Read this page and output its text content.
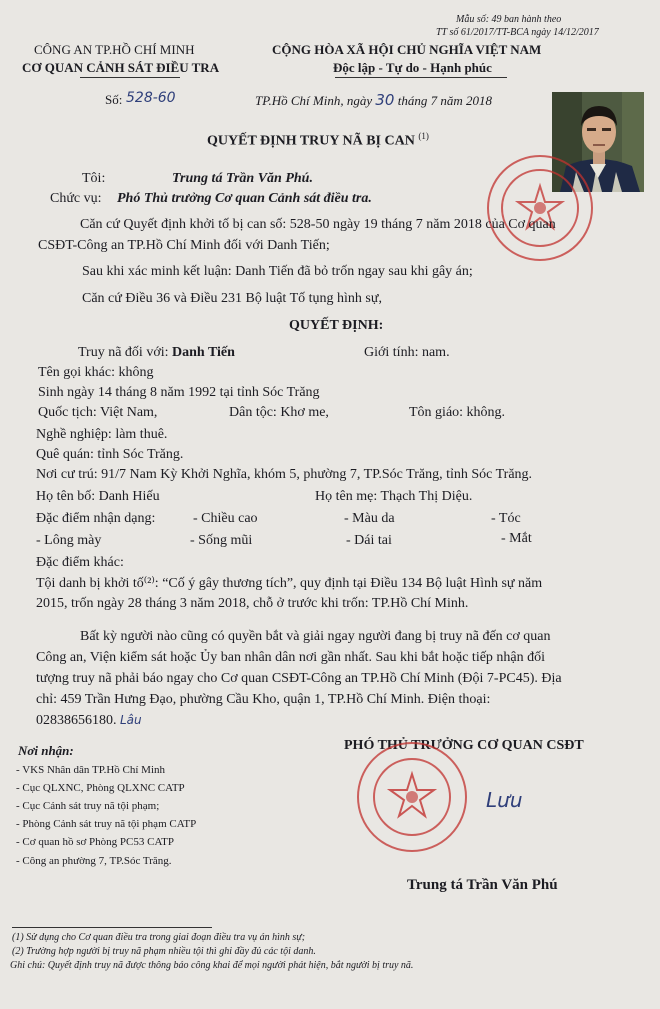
Mẫu số: 49 ban hành theo
TT số 61/2017/TT-BCA ngày 14/12/2017
CÔNG AN TP.HỒ CHÍ MINH
CƠ QUAN CẢNH SÁT ĐIỀU TRA
CỘNG HÒA XÃ HỘI CHỦ NGHĨA VIỆT NAM
Độc lập - Tự do - Hạnh phúc
Số: 528-60	TP.Hồ Chí Minh, ngày 30 tháng 7 năm 2018
QUYẾT ĐỊNH TRUY NÃ BỊ CAN $^{(1)}$
Tôi:	Trung tá Trần Văn Phú.
Chức vụ: Phó Thủ trưởng Cơ quan Cảnh sát điều tra.
Căn cứ Quyết định khởi tố bị can số: 528-50 ngày 19 tháng 7 năm 2018 của Cơ quan
CSĐT-Công an TP.Hồ Chí Minh đối với Danh Tiến;
Sau khi xác minh kết luận: Danh Tiến đã bỏ trốn ngay sau khi gây án;
Căn cứ Điều 36 và Điều 231 Bộ luật Tố tụng hình sự,
QUYẾT ĐỊNH:
Truy nã đối với: Danh Tiến	Giới tính: nam.
Tên gọi khác: không
Sinh ngày 14 tháng 8 năm 1992 tại tỉnh Sóc Trăng
Quốc tịch: Việt Nam,	Dân tộc: Khơ me,	Tôn giáo: không.
Nghề nghiệp: làm thuê.
Quê quán: tỉnh Sóc Trăng.
Nơi cư trú: 91/7 Nam Kỳ Khởi Nghĩa, khóm 5, phường 7, TP.Sóc Trăng, tỉnh Sóc Trăng.
Họ tên bố: Danh Hiếu	Họ tên mẹ: Thạch Thị Diệu.
Đặc điểm nhận dạng:	- Chiều cao	- Màu da	- Tóc
- Lông mày	- Sống mũi	- Dái tai	- Mắt
Đặc điểm khác:
Tội danh bị khởi tố⁽²⁾: “Cố ý gây thương tích”, quy định tại Điều 134 Bộ luật Hình sự năm
2015, trốn ngày 28 tháng 3 năm 2018, chỗ ở trước khi trốn: TP.Hồ Chí Minh.
Bất kỳ người nào cũng có quyền bắt và giải ngay người đang bị truy nã đến cơ quan
Công an, Viện kiểm sát hoặc Ủy ban nhân dân nơi gần nhất. Sau khi bắt hoặc tiếp nhận đối
tượng truy nã phải báo ngay cho Cơ quan CSĐT-Công an TP.Hồ Chí Minh (Đội 7-PC45). Địa
chỉ: 459 Trần Hưng Đạo, phường Cầu Kho, quận 1, TP.Hồ Chí Minh. Điện thoại:
02838656180. Lâu
Nơi nhận:
- VKS Nhân dân TP.Hồ Chí Minh
- Cục QLXNC, Phòng QLXNC CATP
- Cục Cảnh sát truy nã tội phạm;
- Phòng Cảnh sát truy nã tội phạm CATP
- Cơ quan hồ sơ Phòng PC53 CATP
- Công an phường 7, TP.Sóc Trăng.
PHÓ THỦ TRƯỞNG CƠ QUAN CSĐT
Lưu
Trung tá Trần Văn Phú
(1) Sử dụng cho Cơ quan điều tra trong giai đoạn điều tra vụ án hình sự;
(2) Trường hợp người bị truy nã phạm nhiều tội thì ghi đầy đủ các tội danh.
Ghi chú: Quyết định truy nã được thông báo công khai để mọi người phát hiện, bắt người bị truy nã.
